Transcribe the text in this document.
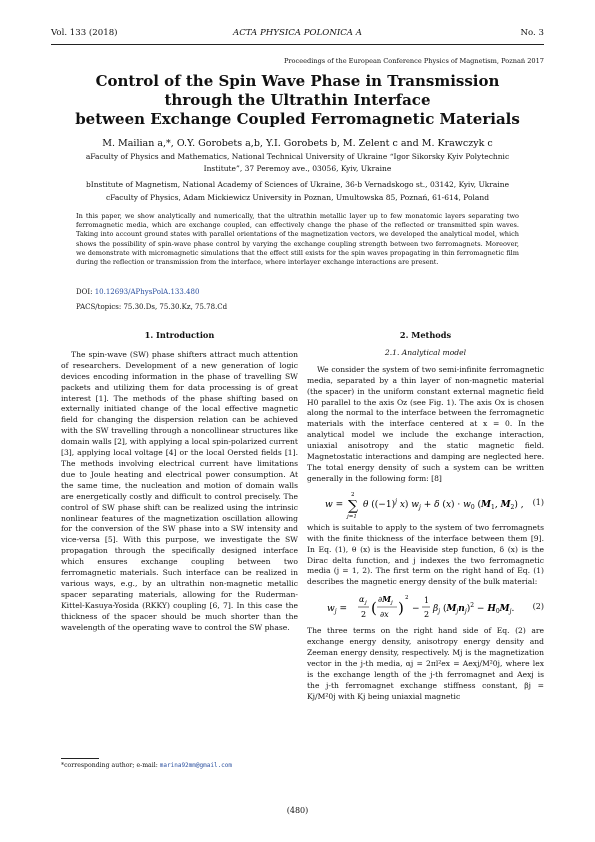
Vol. 133 (2018)	ACTA PHYSICA POLONICA A	No. 3
Proceedings of the European Conference Physics of Magnetism, Poznań 2017
Control of the Spin Wave Phase in Transmission
through the Ultrathin Interface
between Exchange Coupled Ferromagnetic Materials
M. Mailian a,*, O.Y. Gorobets a,b, Y.I. Gorobets b, M. Zelent c and M. Krawczyk c
aFaculty of Physics and Mathematics, National Technical University of Ukraine “Igor Sikorsky Kyiv Polytechnic
Institute”, 37 Peremoy ave., 03056, Kyiv, Ukraine
bInstitute of Magnetism, National Academy of Sciences of Ukraine, 36-b Vernadskogo st., 03142, Kyiv, Ukraine
cFaculty of Physics, Adam Mickiewicz University in Poznan, Umultowska 85, Poznań, 61-614, Poland
In this paper, we show analytically and numerically, that the ultrathin metallic layer up to few monatomic layers separating two ferromagnetic media, which are exchange coupled, can effectively change the phase of the reflected or transmitted spin waves. Taking into account ground states with parallel orientations of the magnetization vectors, we developed the analytical model, which shows the possibility of spin-wave phase control by varying the exchange coupling strength between two ferromagnets. Moreover, we demonstrate with micromagnetic simulations that the effect still exists for the spin waves propagating in thin ferromagnetic film during the reflection or transmission from the interface, where interlayer exchange interactions are present.
DOI: 10.12693/APhysPolA.133.480
PACS/topics: 75.30.Ds, 75.30.Kz, 75.78.Cd
1. Introduction

The spin-wave (SW) phase shifters attract much attention of researchers. Development of a new generation of logic devices encoding information in the phase of travelling SW packets and utilizing them for data processing is of great interest [1]. The methods of the phase shifting based on externally initiated change of the local effective magnetic field for changing the dispersion relation can be achieved with the SW travelling through a noncollinear structures like domain walls [2], with applying a local spin-polarized current [3], applying local voltage [4] or the local Oersted fields [1]. The methods involving electrical current have limitations due to Joule heating and electrical power consumption. At the same time, the nucleation and motion of domain walls are energetically costly and difficult to control precisely. The control of SW phase shift can be realized using the intrinsic nonlinear features of the magnetization oscillation allowing for the conversion of the SW phase into a SW intensity and vice-versa [5]. With this purpose, we investigate the SW propagation through the specifically designed interface which ensures exchange coupling between two ferromagnetic materials. Such interface can be realized in various ways, e.g., by an ultrathin non-magnetic metallic spacer separating materials, allowing for the Ruderman-Kittel-Kasuya-Yosida (RKKY) coupling [6, 7]. In this case the thickness of the spacer should be much shorter than the wavelength of the operating wave to control the SW phase.

2. Methods
2.1. Analytical model

We consider the system of two semi-infinite ferromagnetic media, separated by a thin layer of non-magnetic material (the spacer) in the uniform constant external magnetic field H0 parallel to the axis Oz (see Fig. 1). The axis Ox is chosen along the normal to the interface between the ferromagnetic materials with the interface centered at x = 0. In the analytical model we include the exchange interaction, uniaxial anisotropy and the static magnetic field. Magnetostatic interactions and damping are neglected here. The total energy density of such a system can be written generally in the following form: [8]

w = ∑
2
j=1
θ ($(-1)^j$ x) $w_j + \delta$ $(x) \cdot w_0$ ($M_1$, $M_2$) , (1)

which is suitable to apply to the system of two ferromagnets with the finite thickness of the interface between them [9]. In Eq. (1), θ (x) is the Heaviside step function, δ (x) is the Dirac delta function, and j indexes the two ferromagnetic media (j = 1, 2). The first term on the right hand of Eq. (1) describes the magnetic energy density of the bulk material:

$w_j$ =
α j
2 ( $\partial M_j$
∂x )
2
−
1
2
$\beta_j$ $(M_jn_j)^2 - H_0M_j$. (2)

The three terms on the right hand side of Eq. (2) are exchange energy density, anisotropy energy density and Zeeman energy density, respectively. Mj is the magnetization vector in the j-th media, αj = 2πl²ex = Aexj/M²0j, where lex is the exchange length of the j-th ferromagnet and Aexj is the j-th ferromagnet exchange stiffness constant, βj = Kj/M²0j with Kj being uniaxial magnetic

*corresponding author; e-mail: marina92mm@gmail.com
(480)
